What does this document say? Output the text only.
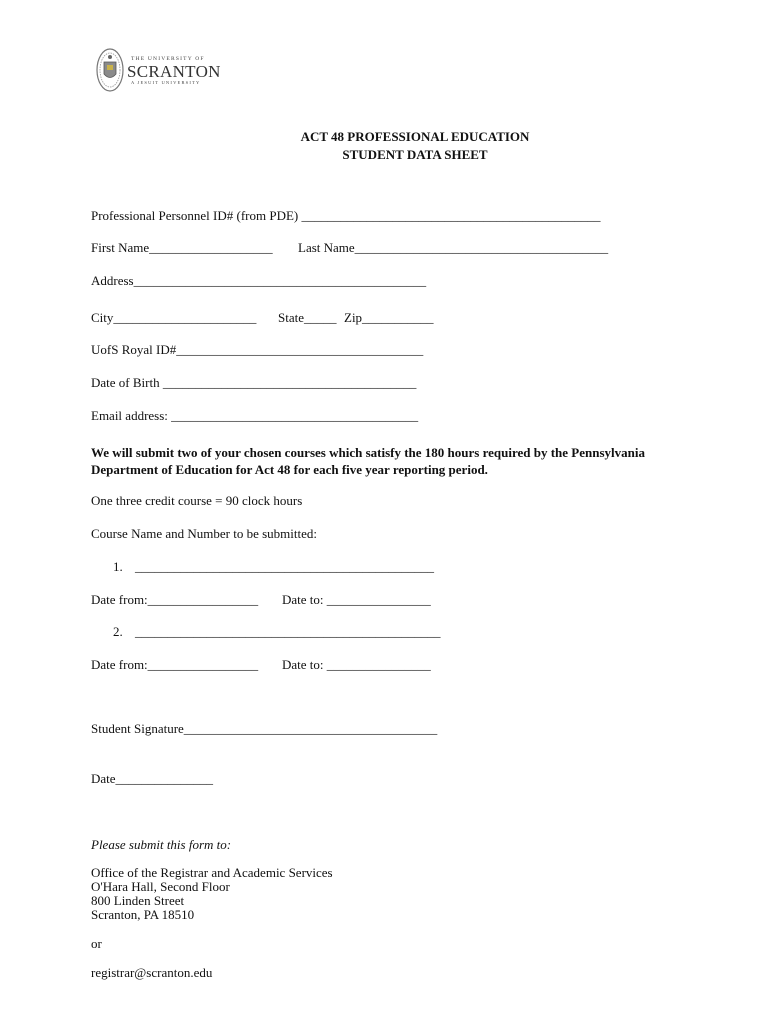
THE UNIVERSITY OF
SCRANTON
A JESUIT UNIVERSITY
ACT 48 PROFESSIONAL EDUCATION
STUDENT DATA SHEET
Professional Personnel ID# (from PDE) ______________________________________________
First Name___________________ Last Name_______________________________________
Address_____________________________________________
City______________________ State_____ Zip___________
UofS Royal ID#______________________________________
Date of Birth _______________________________________
Email address: ______________________________________
We will submit two of your chosen courses which satisfy the 180 hours required by the Pennsylvania
Department of Education for Act 48 for each five year reporting period.
One three credit course = 90 clock hours
Course Name and Number to be submitted:
1. ______________________________________________
Date from:_________________ Date to: ________________
2. _______________________________________________
Date from:_________________ Date to: ________________
Student Signature_______________________________________
Date_______________
Please submit this form to:
Office of the Registrar and Academic Services
O'Hara Hall, Second Floor
800 Linden Street
Scranton, PA 18510
or
registrar@scranton.edu
